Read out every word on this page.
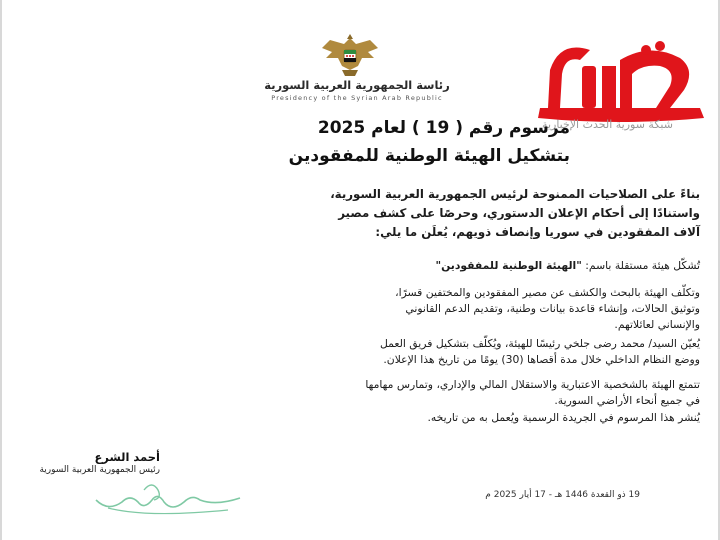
رئاسة الجمهورية العربية السورية
Presidency of the Syrian Arab Republic
شبكة سورية الحدث الإخبارية
مرسوم رقم ( 19 ) لعام 2025
بتشكيل الهيئة الوطنية للمفقودين
بناءً على الصلاحيات الممنوحة لرئيس الجمهورية العربية السورية،
واستنادًا إلى أحكام الإعلان الدستوري، وحرصًا على كشف مصير
آلاف المفقودين في سوريا وإنصاف ذويهم، يُعلَن ما يلي:
تُشكّل هيئة مستقلة باسم: "الهيئة الوطنية للمفقودين"
وتكلّف الهيئة بالبحث والكشف عن مصير المفقودين والمختفين قسرًا،
وتوثيق الحالات، وإنشاء قاعدة بيانات وطنية، وتقديم الدعم القانوني
والإنساني لعائلاتهم.
يُعيّن السيد/ محمد رضى جلخي رئيسًا للهيئة، ويُكلّف بتشكيل فريق العمل
ووضع النظام الداخلي خلال مدة أقصاها (30) يومًا من تاريخ هذا الإعلان.
تتمتع الهيئة بالشخصية الاعتبارية والاستقلال المالي والإداري، وتمارس مهامها
في جميع أنحاء الأراضي السورية.
يُنشر هذا المرسوم في الجريدة الرسمية ويُعمل به من تاريخه.
أحمد الشرع
رئيس الجمهورية العربية السورية
19 ذو القعدة 1446 هـ - 17 أيار 2025 م
